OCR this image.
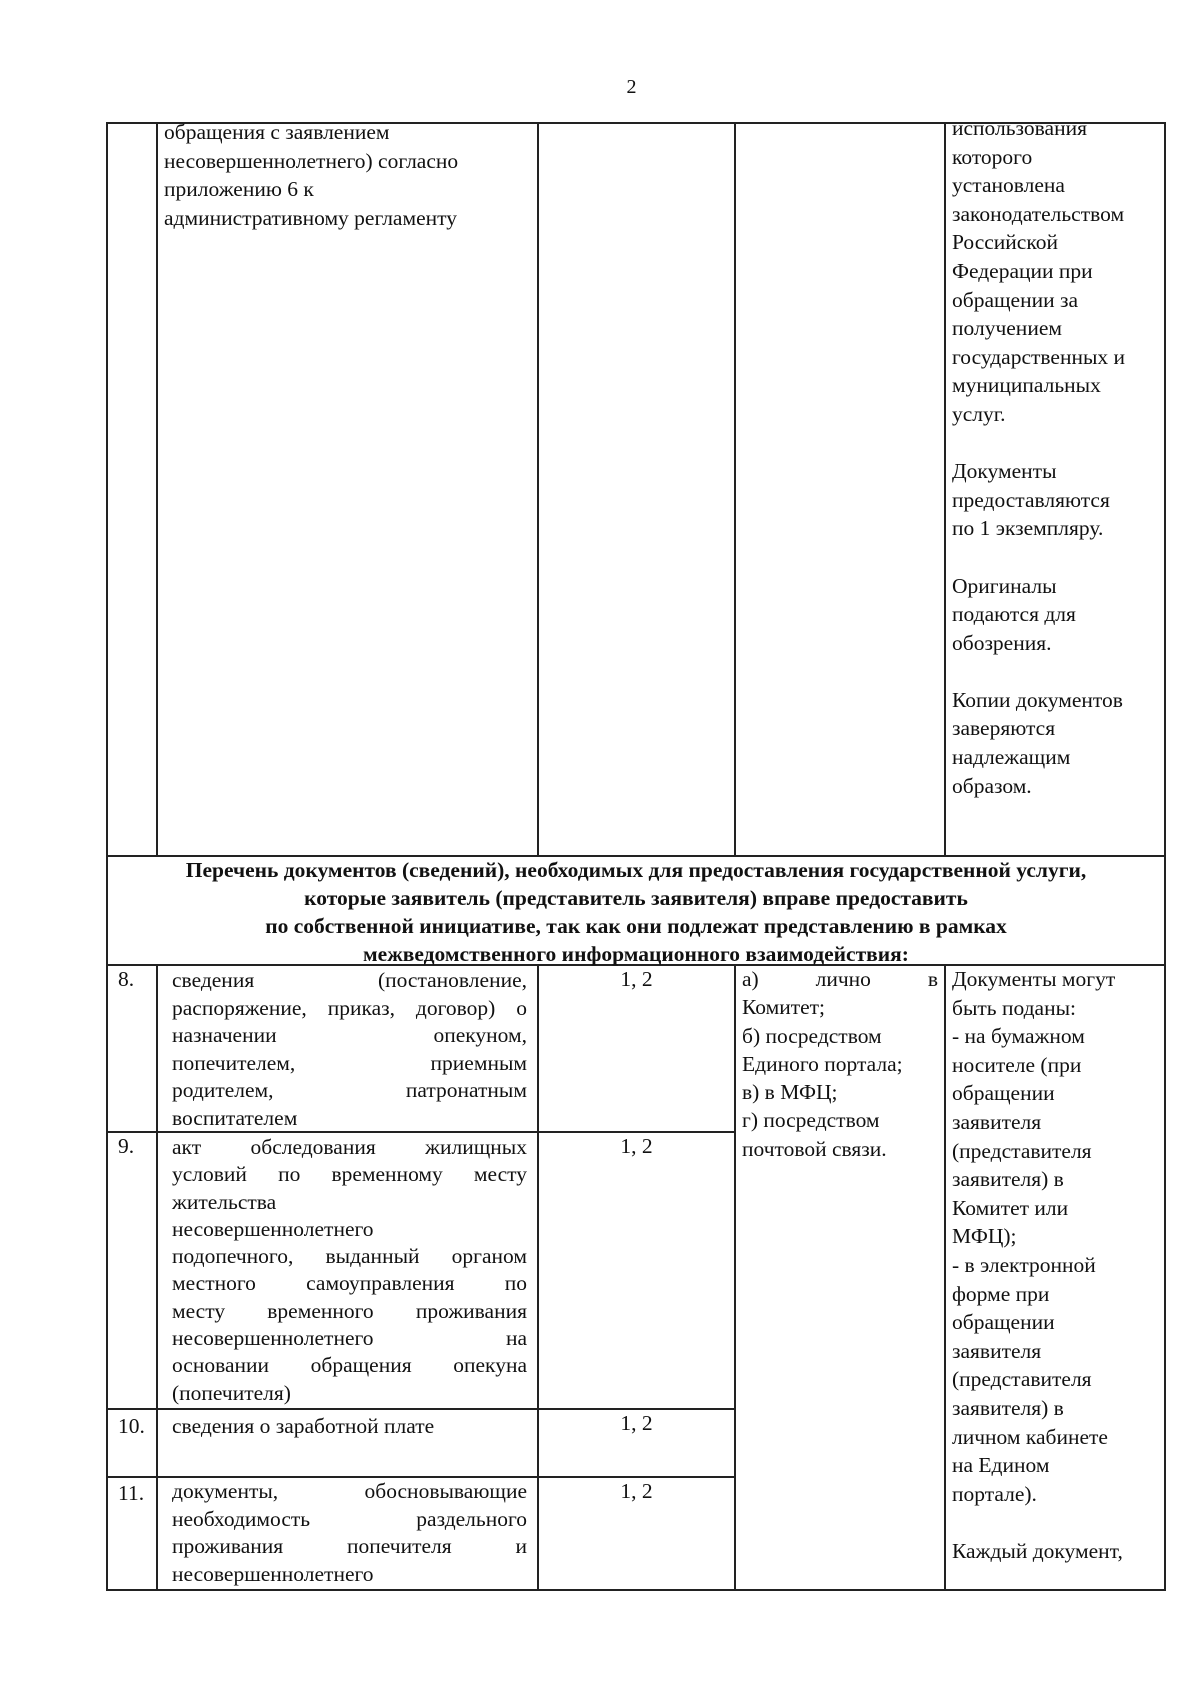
2
обращения с заявлением
несовершеннолетнего) согласно
приложению 6 к
административному регламенту
использования
которого
установлена
законодательством
Российской
Федерации при
обращении за
получением
государственных и
муниципальных
услуг.
Документы
предоставляются
по 1 экземпляру.
Оригиналы
подаются для
обозрения.
Копии документов
заверяются
надлежащим
образом.
Перечень документов (сведений), необходимых для предоставления государственной услуги,
которые заявитель (представитель заявителя) вправе предоставить
по собственной инициативе, так как они подлежат представлению в рамках
межведомственного информационного взаимодействия:
8. сведения (постановление,
распоряжение, приказ, договор) о
назначении опекуном,
попечителем, приемным
родителем, патронатным
воспитателем
1, 2
9. акт обследования жилищных
условий по временному месту
жительства
несовершеннолетнего
подопечного, выданный органом
местного самоуправления по
месту временного проживания
несовершеннолетнего на
основании обращения опекуна
(попечителя)
1, 2
10. сведения о заработной плате	1, 2
11. документы, обосновывающие
необходимость раздельного
проживания попечителя и
несовершеннолетнего
1, 2
а) лично в
Комитет;
б) посредством
Единого портала;
в) в МФЦ;
г) посредством
почтовой связи.
Документы могут
быть поданы:
- на бумажном
носителе (при
обращении
заявителя
(представителя
заявителя) в
Комитет или
МФЦ);
- в электронной
форме при
обращении
заявителя
(представителя
заявителя) в
личном кабинете
на Едином
портале).
Каждый документ,
